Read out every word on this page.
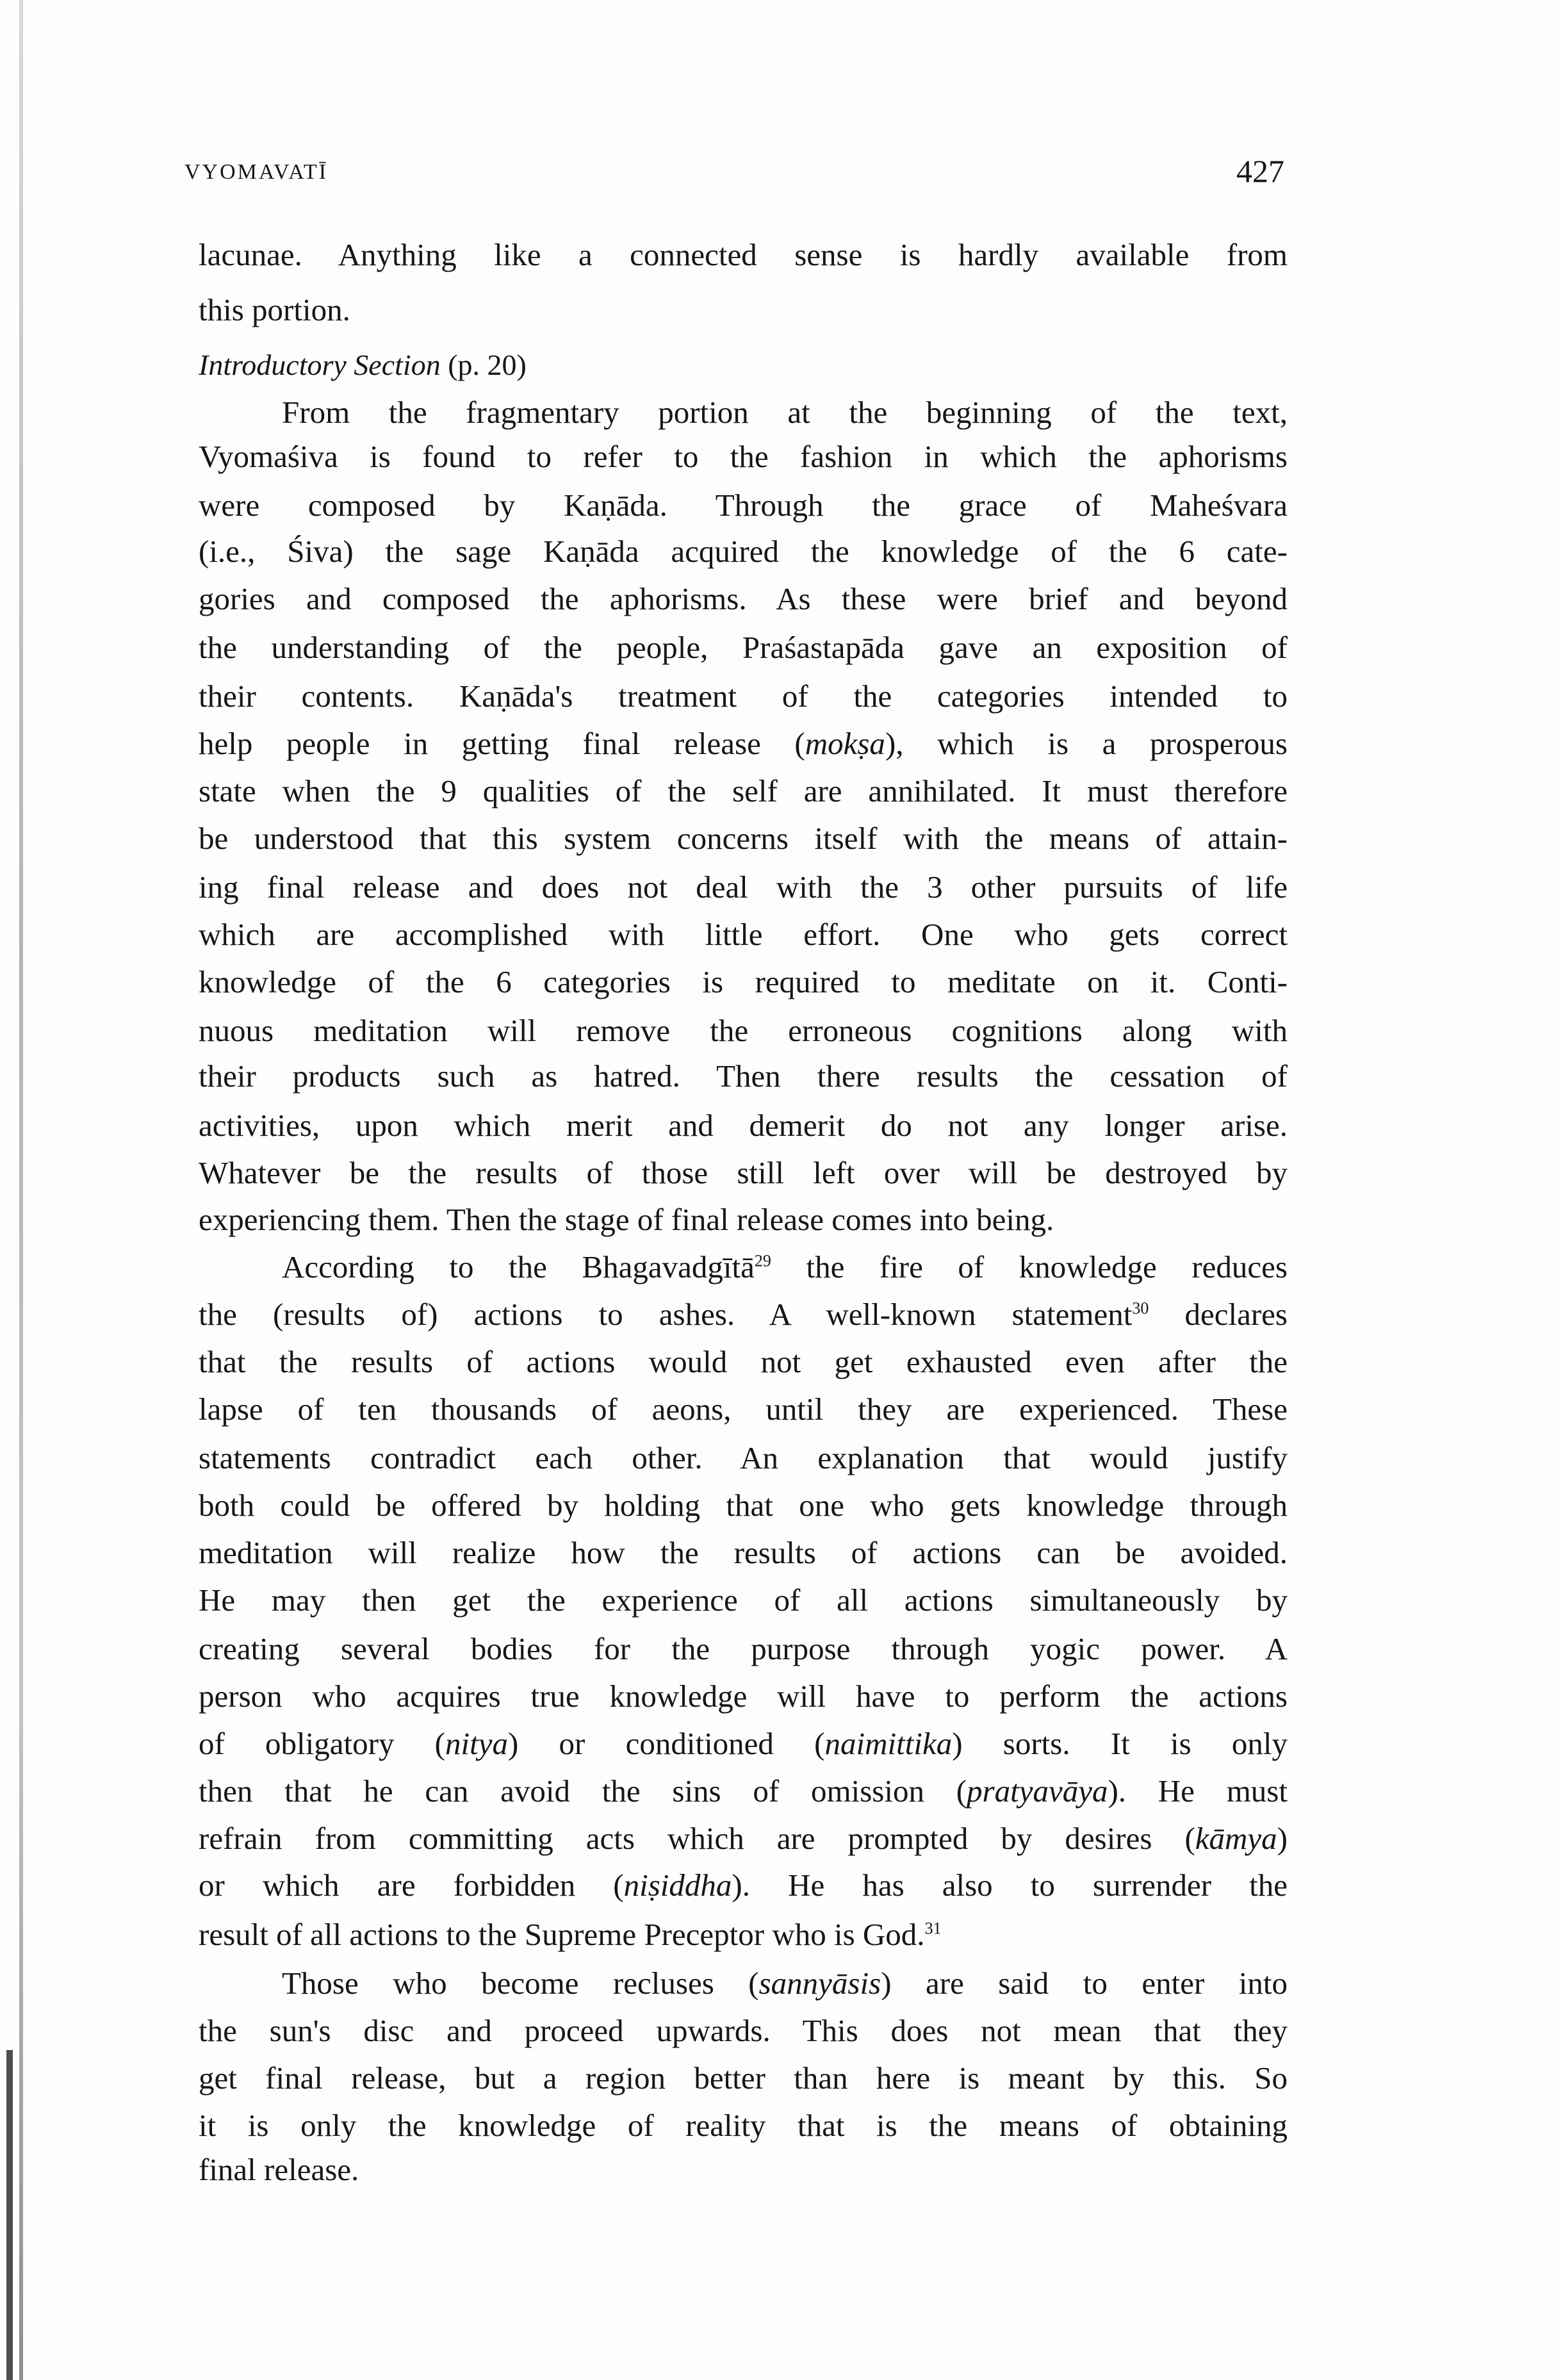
VYOMAVATĪ	427
lacunae. Anything like a connected sense is hardly available from
this portion.
Introductory Section (p. 20)
From the fragmentary portion at the beginning of the text,
Vyomaśiva is found to refer to the fashion in which the aphorisms
were composed by Kaṇāda. Through the grace of Maheśvara
(i.e., Śiva) the sage Kaṇāda acquired the knowledge of the 6 cate-
gories and composed the aphorisms. As these were brief and beyond
the understanding of the people, Praśastapāda gave an exposition of
their contents. Kaṇāda's treatment of the categories intended to
help people in getting final release (mokṣa), which is a prosperous
state when the 9 qualities of the self are annihilated. It must therefore
be understood that this system concerns itself with the means of attain-
ing final release and does not deal with the 3 other pursuits of life
which are accomplished with little effort. One who gets correct
knowledge of the 6 categories is required to meditate on it. Conti-
nuous meditation will remove the erroneous cognitions along with
their products such as hatred. Then there results the cessation of
activities, upon which merit and demerit do not any longer arise.
Whatever be the results of those still left over will be destroyed by
experiencing them. Then the stage of final release comes into being.
According to the Bhagavadgītā$^{29}$ the fire of knowledge reduces
the (results of) actions to ashes. A well-known statement$^{30}$ declares
that the results of actions would not get exhausted even after the
lapse of ten thousands of aeons, until they are experienced. These
statements contradict each other. An explanation that would justify
both could be offered by holding that one who gets knowledge through
meditation will realize how the results of actions can be avoided.
He may then get the experience of all actions simultaneously by
creating several bodies for the purpose through yogic power. A
person who acquires true knowledge will have to perform the actions
of obligatory (nitya) or conditioned (naimittika) sorts. It is only
then that he can avoid the sins of omission (pratyavāya). He must
refrain from committing acts which are prompted by desires (kāmya)
or which are forbidden (niṣiddha). He has also to surrender the
result of all actions to the Supreme Preceptor who is God.$^{31}$
Those who become recluses (sannyāsis) are said to enter into
the sun's disc and proceed upwards. This does not mean that they
get final release, but a region better than here is meant by this. So
it is only the knowledge of reality that is the means of obtaining
final release.
